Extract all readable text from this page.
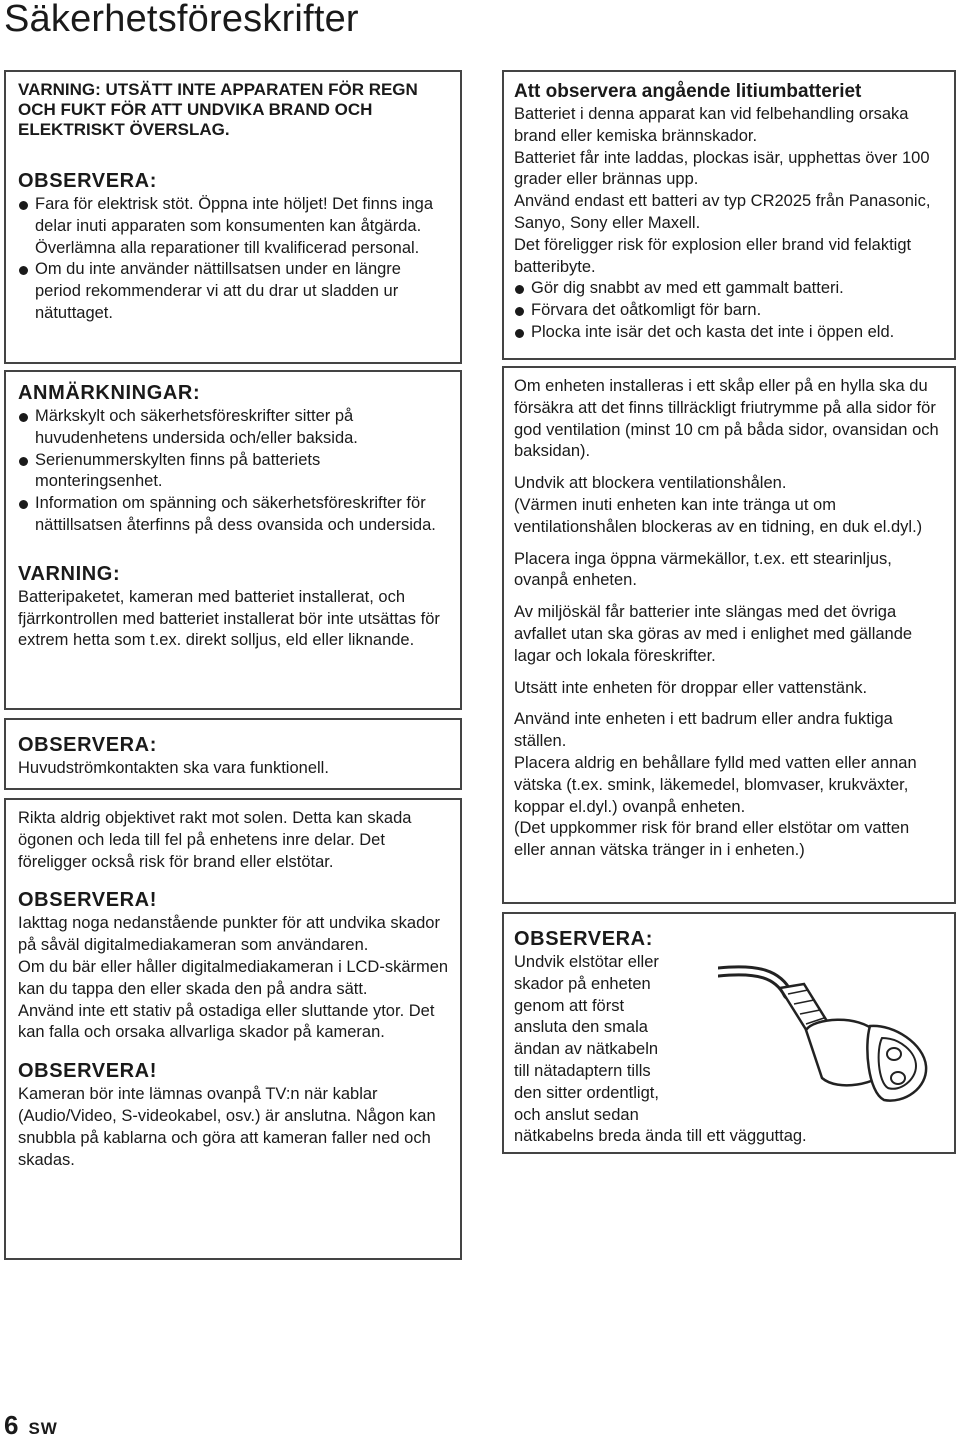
Säkerhetsföreskrifter

VARNING: UTSÄTT INTE APPARATEN FÖR REGN OCH FUKT FÖR ATT UNDVIKA BRAND OCH ELEKTRISKT ÖVERSLAG.

OBSERVERA:

Fara för elektrisk stöt. Öppna inte höljet! Det finns inga delar inuti apparaten som konsumenten kan åtgärda. Överlämna alla reparationer till kvalificerad personal.

Om du inte använder nättillsatsen under en längre period rekommenderar vi att du drar ut sladden ur nätuttaget.

ANMÄRKNINGAR:

Märkskylt och säkerhetsföreskrifter sitter på huvudenhetens undersida och/eller baksida.

Serienummerskylten finns på batteriets monteringsenhet.

Information om spänning och säkerhetsföreskrifter för nättillsatsen återfinns på dess ovansida och undersida.

VARNING:

Batteripaketet, kameran med batteriet installerat, och fjärrkontrollen med batteriet installerat bör inte utsättas för extrem hetta som t.ex. direkt solljus, eld eller liknande.

OBSERVERA:

Huvudströmkontakten ska vara funktionell.

Rikta aldrig objektivet rakt mot solen. Detta kan skada ögonen och leda till fel på enhetens inre delar. Det föreligger också risk för brand eller elstötar.

OBSERVERA!

Iakttag noga nedanstående punkter för att undvika skador på såväl digitalmediakameran som användaren.

Om du bär eller håller digitalmediakameran i LCD-skärmen kan du tappa den eller skada den på andra sätt.

Använd inte ett stativ på ostadiga eller sluttande ytor. Det kan falla och orsaka allvarliga skador på kameran.

OBSERVERA!

Kameran bör inte lämnas ovanpå TV:n när kablar (Audio/Video, S-videokabel, osv.) är anslutna. Någon kan snubbla på kablarna och göra att kameran faller ned och skadas.

Att observera angående litiumbatteriet

Batteriet i denna apparat kan vid felbehandling orsaka brand eller kemiska brännskador.

Batteriet får inte laddas, plockas isär, upphettas över 100 grader eller brännas upp.

Använd endast ett batteri av typ CR2025 från Panasonic, Sanyo, Sony eller Maxell.

Det föreligger risk för explosion eller brand vid felaktigt batteribyte.

Gör dig snabbt av med ett gammalt batteri.

Förvara det oåtkomligt för barn.

Plocka inte isär det och kasta det inte i öppen eld.

Om enheten installeras i ett skåp eller på en hylla ska du försäkra att det finns tillräckligt friutrymme på alla sidor för god ventilation (minst 10 cm på båda sidor, ovansidan och baksidan).

Undvik att blockera ventilationshålen.

(Värmen inuti enheten kan inte tränga ut om ventilationshålen blockeras av en tidning, en duk el.dyl.)

Placera inga öppna värmekällor, t.ex. ett stearinljus, ovanpå enheten.

Av miljöskäl får batterier inte slängas med det övriga avfallet utan ska göras av med i enlighet med gällande lagar och lokala föreskrifter.

Utsätt inte enheten för droppar eller vattenstänk.

Använd inte enheten i ett badrum eller andra fuktiga ställen.

Placera aldrig en behållare fylld med vatten eller annan vätska (t.ex. smink, läkemedel, blomvaser, krukväxter, koppar el.dyl.) ovanpå enheten.

(Det uppkommer risk för brand eller elstötar om vatten eller annan vätska tränger in i enheten.)

OBSERVERA:

Undvik elstötar eller

skador på enheten

genom att först

ansluta den smala

ändan av nätkabeln

till nätadaptern tills

den sitter ordentligt,

och anslut sedan

nätkabelns breda ända till ett vägguttag.

6 SW
